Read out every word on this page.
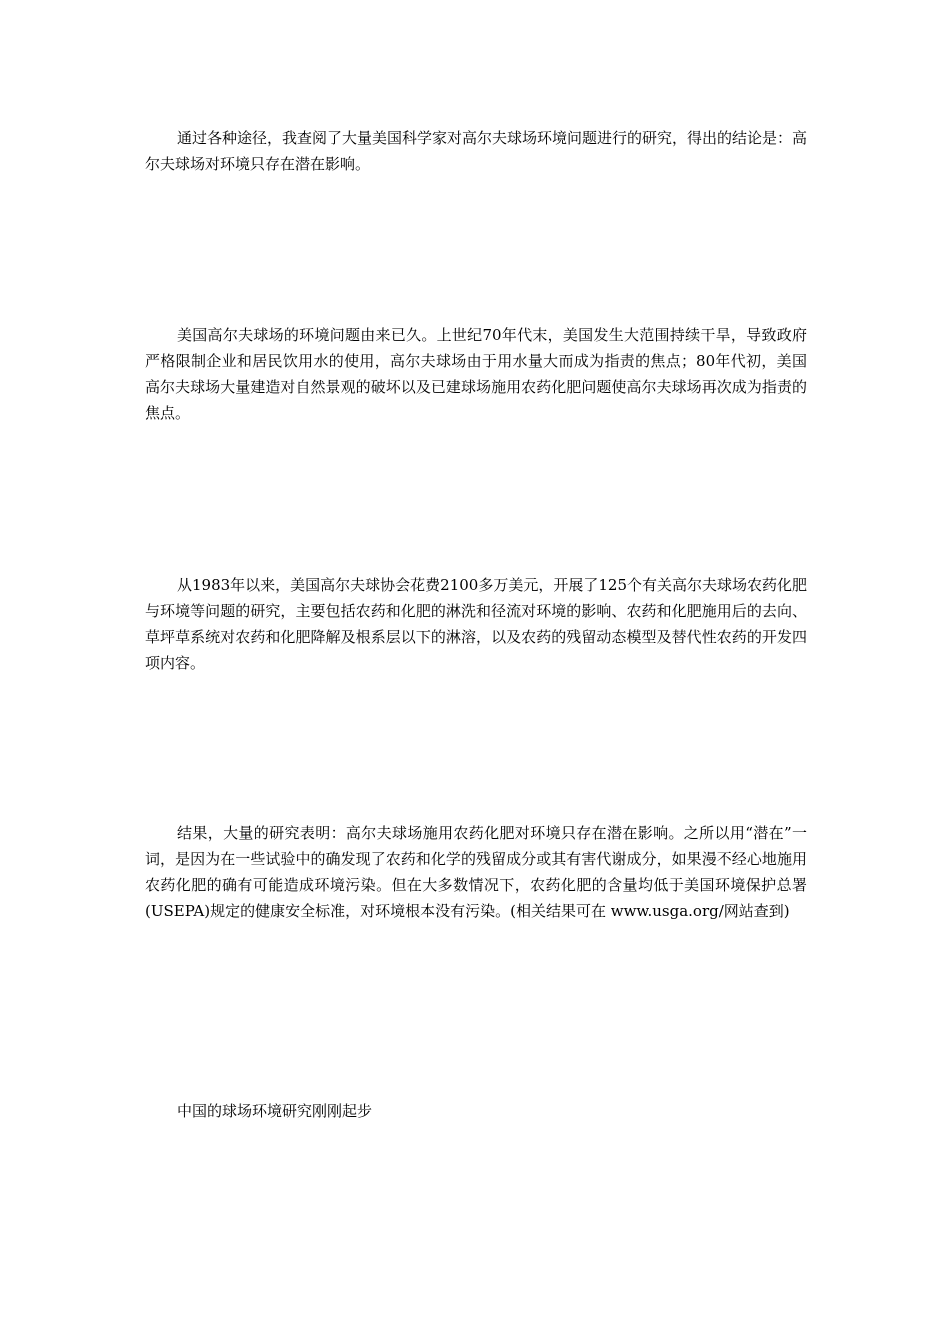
通过各种途径，我查阅了大量美国科学家对高尔夫球场环境问题进行的研究，得出的结论是：高尔夫球场对环境只存在潜在影响。

美国高尔夫球场的环境问题由来已久。上世纪70年代末，美国发生大范围持续干旱，导致政府严格限制企业和居民饮用水的使用，高尔夫球场由于用水量大而成为指责的焦点；80年代初，美国高尔夫球场大量建造对自然景观的破坏以及已建球场施用农药化肥问题使高尔夫球场再次成为指责的焦点。

从1983年以来，美国高尔夫球协会花费2100多万美元，开展了125个有关高尔夫球场农药化肥与环境等问题的研究，主要包括农药和化肥的淋洗和径流对环境的影响、农药和化肥施用后的去向、草坪草系统对农药和化肥降解及根系层以下的淋溶，以及农药的残留动态模型及替代性农药的开发四项内容。

结果，大量的研究表明：高尔夫球场施用农药化肥对环境只存在潜在影响。之所以用“潜在”一词，是因为在一些试验中的确发现了农药和化学的残留成分或其有害代谢成分，如果漫不经心地施用农药化肥的确有可能造成环境污染。但在大多数情况下，农药化肥的含量均低于美国环境保护总署(USEPA)规定的健康安全标准，对环境根本没有污染。(相关结果可在 www.usga.org/网站查到)

中国的球场环境研究刚刚起步
